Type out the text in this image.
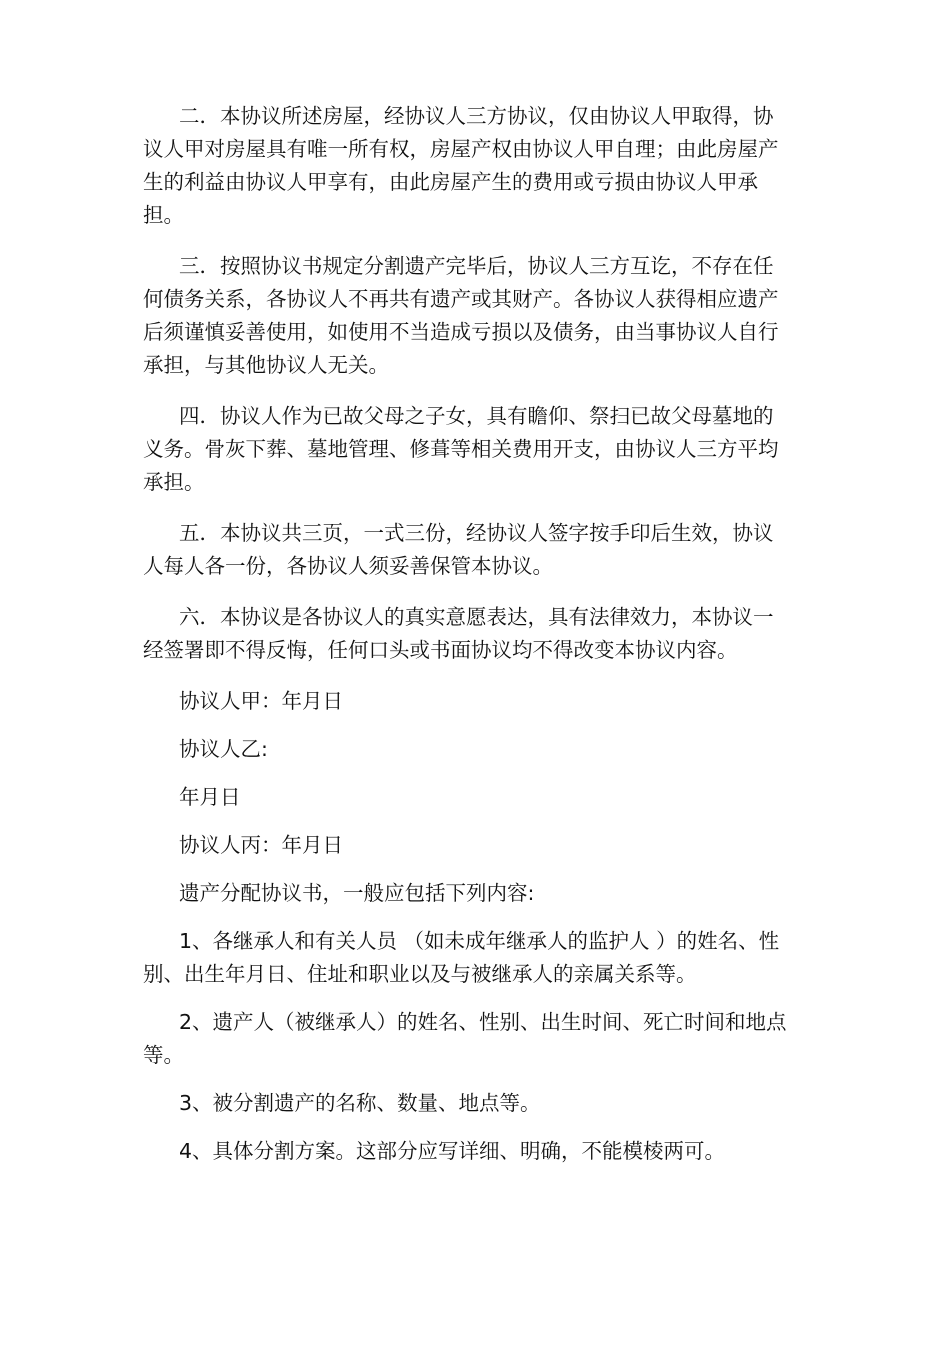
二．本协议所述房屋，经协议人三方协议，仅由协议人甲取得，协议人甲对房屋具有唯一所有权，房屋产权由协议人甲自理；由此房屋产生的利益由协议人甲享有，由此房屋产生的费用或亏损由协议人甲承担。

三．按照协议书规定分割遗产完毕后，协议人三方互讫，不存在任何债务关系，各协议人不再共有遗产或其财产。各协议人获得相应遗产后须谨慎妥善使用，如使用不当造成亏损以及债务，由当事协议人自行承担，与其他协议人无关。

四．协议人作为已故父母之子女，具有瞻仰、祭扫已故父母墓地的义务。骨灰下葬、墓地管理、修葺等相关费用开支，由协议人三方平均承担。

五．本协议共三页，一式三份，经协议人签字按手印后生效，协议人每人各一份，各协议人须妥善保管本协议。

六．本协议是各协议人的真实意愿表达，具有法律效力，本协议一经签署即不得反悔，任何口头或书面协议均不得改变本协议内容。

协议人甲：年月日

协议人乙:

年月日

协议人丙：年月日

遗产分配协议书，一般应包括下列内容:

1、各继承人和有关人员 （如未成年继承人的监护人 ）的姓名、性别、出生年月日、住址和职业以及与被继承人的亲属关系等。

2、遗产人（被继承人）的姓名、性别、出生时间、死亡时间和地点等。

3、被分割遗产的名称、数量、地点等。

4、具体分割方案。这部分应写详细、明确，不能模棱两可。
